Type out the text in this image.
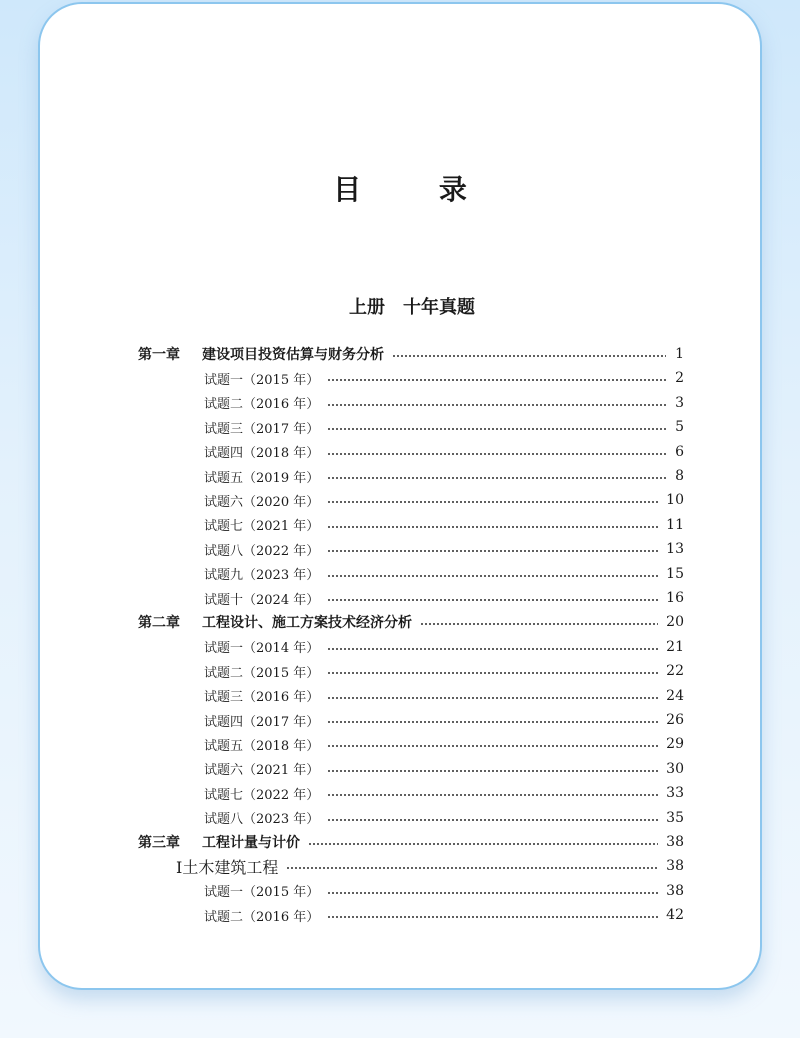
目 录
上册　十年真题
第一章	建设项目投资估算与财务分析	1
试题一（2015 年）	2
试题二（2016 年）	3
试题三（2017 年）	5
试题四（2018 年）	6
试题五（2019 年）	8
试题六（2020 年）	10
试题七（2021 年）	11
试题八（2022 年）	13
试题九（2023 年）	15
试题十（2024 年）	16
第二章	工程设计、施工方案技术经济分析	20
试题一（2014 年）	21
试题二（2015 年）	22
试题三（2016 年）	24
试题四（2017 年）	26
试题五（2018 年）	29
试题六（2021 年）	30
试题七（2022 年）	33
试题八（2023 年）	35
第三章	工程计量与计价	38
Ⅰ土木建筑工程	38
试题一（2015 年）	38
试题二（2016 年）	42
